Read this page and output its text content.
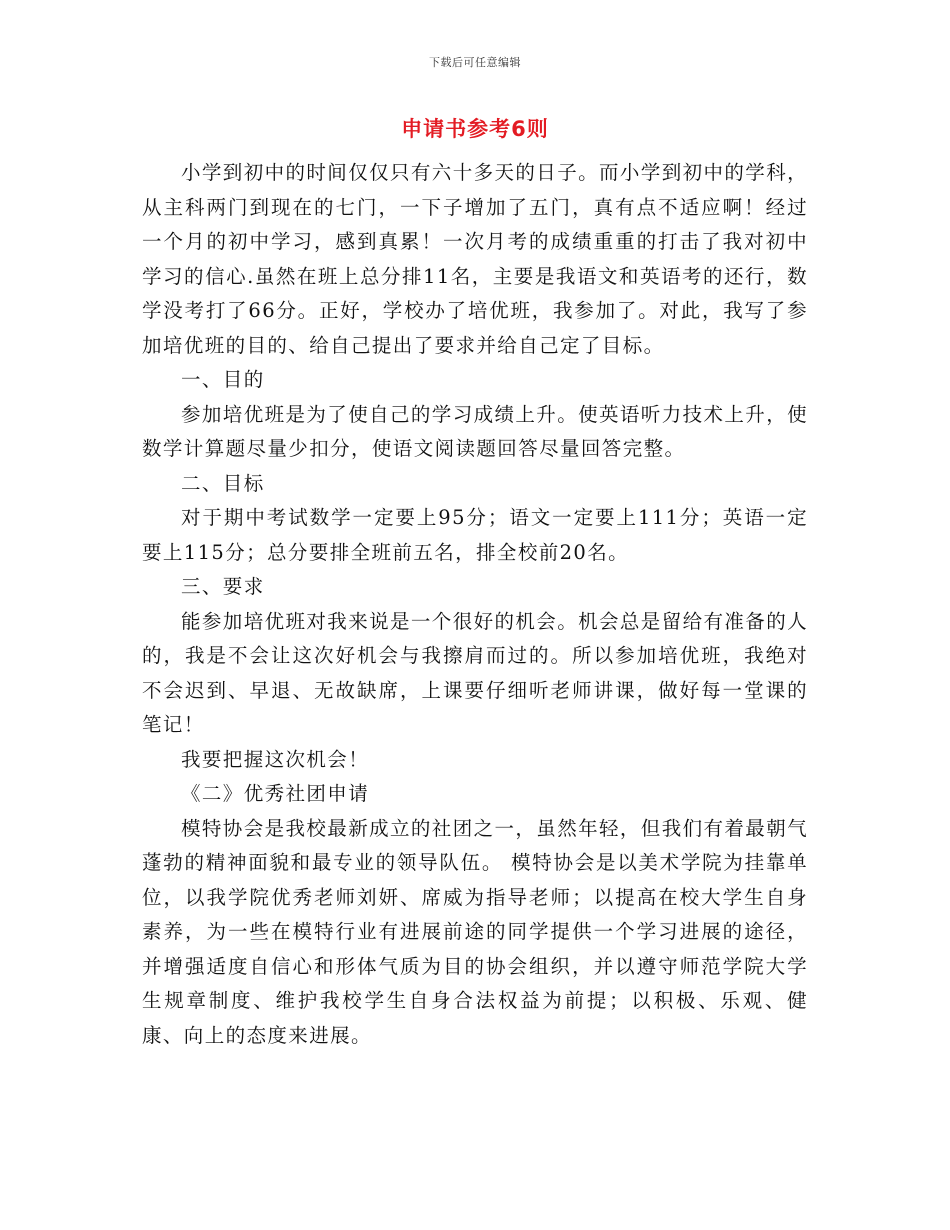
下载后可任意编辑
申请书参考6则

小学到初中的时间仅仅只有六十多天的日子。而小学到初中的学科，从主科两门到现在的七门，一下子增加了五门，真有点不适应啊！经过一个月的初中学习，感到真累！一次月考的成绩重重的打击了我对初中学习的信心.虽然在班上总分排11名，主要是我语文和英语考的还行，数学没考打了66分。正好，学校办了培优班，我参加了。对此，我写了参加培优班的目的、给自己提出了要求并给自己定了目标。

一、目的

参加培优班是为了使自己的学习成绩上升。使英语听力技术上升，使数学计算题尽量少扣分，使语文阅读题回答尽量回答完整。

二、目标

对于期中考试数学一定要上95分；语文一定要上111分；英语一定要上115分；总分要排全班前五名，排全校前20名。

三、要求

能参加培优班对我来说是一个很好的机会。机会总是留给有准备的人的，我是不会让这次好机会与我擦肩而过的。所以参加培优班，我绝对不会迟到、早退、无故缺席，上课要仔细听老师讲课，做好每一堂课的笔记！

我要把握这次机会！

《二》优秀社团申请

模特协会是我校最新成立的社团之一，虽然年轻，但我们有着最朝气蓬勃的精神面貌和最专业的领导队伍。 模特协会是以美术学院为挂靠单位，以我学院优秀老师刘妍、席威为指导老师；以提高在校大学生自身素养，为一些在模特行业有进展前途的同学提供一个学习进展的途径，并增强适度自信心和形体气质为目的协会组织，并以遵守师范学院大学生规章制度、维护我校学生自身合法权益为前提；以积极、乐观、健康、向上的态度来进展。
